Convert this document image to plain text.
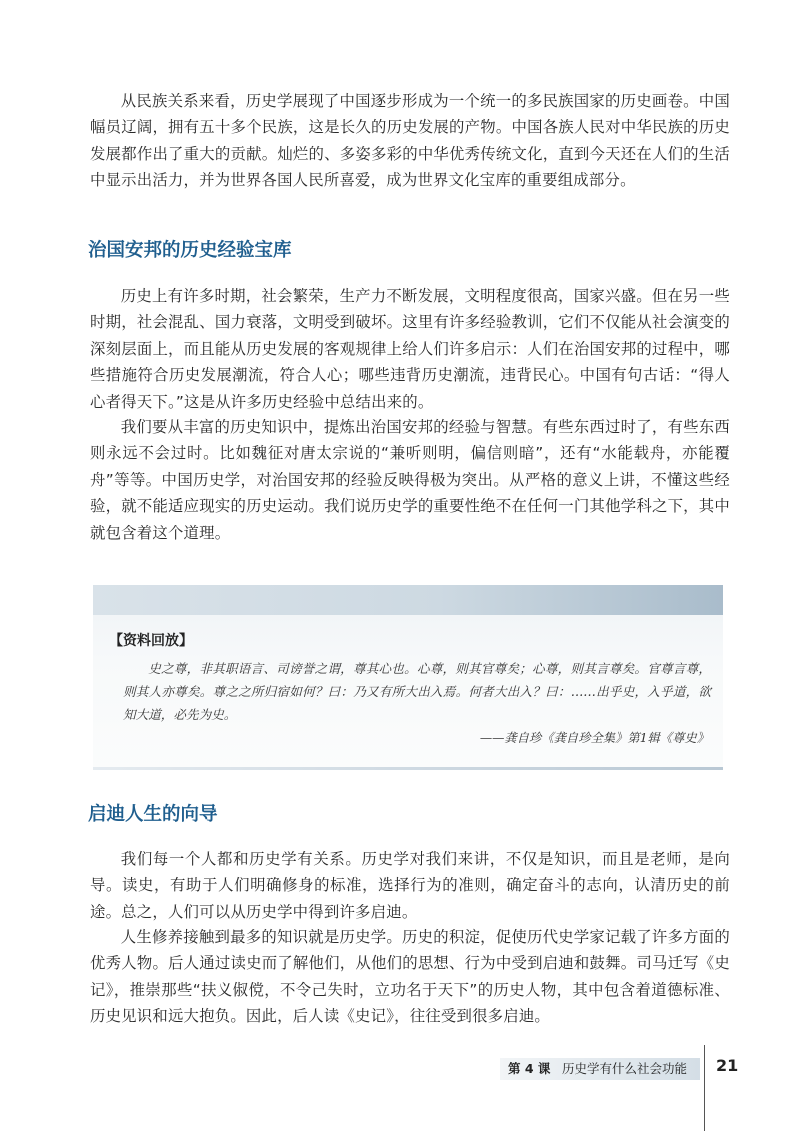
从民族关系来看，历史学展现了中国逐步形成为一个统一的多民族国家的历史画卷。中国幅员辽阔，拥有五十多个民族，这是长久的历史发展的产物。中国各族人民对中华民族的历史发展都作出了重大的贡献。灿烂的、多姿多彩的中华优秀传统文化，直到今天还在人们的生活中显示出活力，并为世界各国人民所喜爱，成为世界文化宝库的重要组成部分。

治国安邦的历史经验宝库

历史上有许多时期，社会繁荣，生产力不断发展，文明程度很高，国家兴盛。但在另一些时期，社会混乱、国力衰落，文明受到破坏。这里有许多经验教训，它们不仅能从社会演变的深刻层面上，而且能从历史发展的客观规律上给人们许多启示：人们在治国安邦的过程中，哪些措施符合历史发展潮流，符合人心；哪些违背历史潮流，违背民心。中国有句古话：“得人心者得天下。”这是从许多历史经验中总结出来的。

我们要从丰富的历史知识中，提炼出治国安邦的经验与智慧。有些东西过时了，有些东西则永远不会过时。比如魏征对唐太宗说的“兼听则明，偏信则暗”，还有“水能载舟，亦能覆舟”等等。中国历史学，对治国安邦的经验反映得极为突出。从严格的意义上讲，不懂这些经验，就不能适应现实的历史运动。我们说历史学的重要性绝不在任何一门其他学科之下，其中就包含着这个道理。

【资料回放】

史之尊，非其职语言、司谤誉之谓，尊其心也。心尊，则其官尊矣；心尊，则其言尊矣。官尊言尊，则其人亦尊矣。尊之之所归宿如何？曰：乃又有所大出入焉。何者大出入？曰：……出乎史，入乎道，欲知大道，必先为史。

——龚自珍《龚自珍全集》第1辑《尊史》

启迪人生的向导

我们每一个人都和历史学有关系。历史学对我们来讲，不仅是知识，而且是老师，是向导。读史，有助于人们明确修身的标准，选择行为的准则，确定奋斗的志向，认清历史的前途。总之，人们可以从历史学中得到许多启迪。

人生修养接触到最多的知识就是历史学。历史的积淀，促使历代史学家记载了许多方面的优秀人物。后人通过读史而了解他们，从他们的思想、行为中受到启迪和鼓舞。司马迁写《史记》，推崇那些“扶义俶傥，不令己失时，立功名于天下”的历史人物，其中包含着道德标准、历史见识和远大抱负。因此，后人读《史记》，往往受到很多启迪。

第 4 课 历史学有什么社会功能 21
